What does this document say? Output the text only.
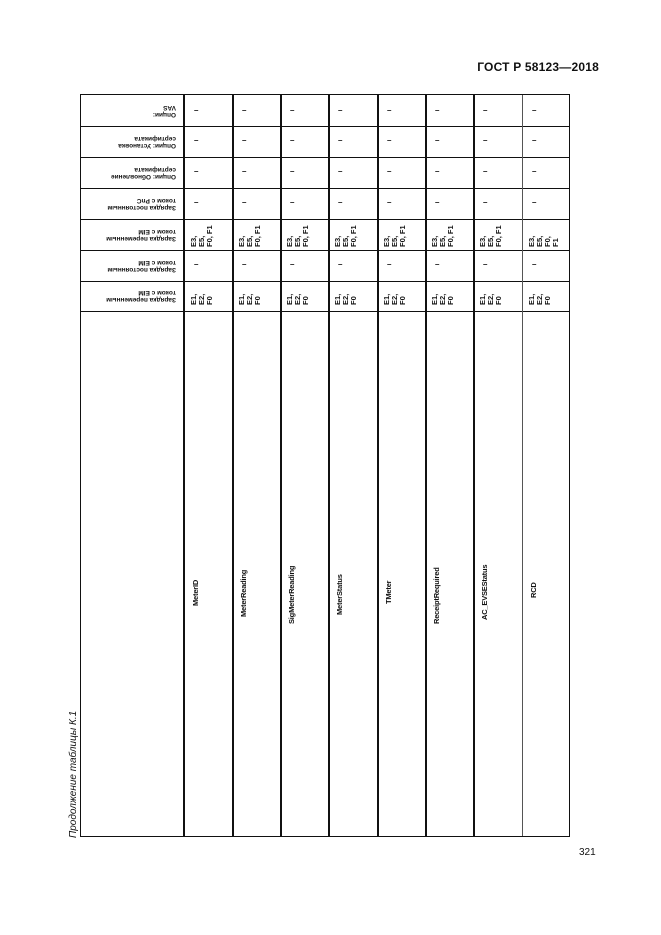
ГОСТ Р 58123—2018
Продолжение таблицы К.1
Опции:
VAS
Опции: Установка
сертификата
Опции: Обновление
сертификата
Зарядка постоянным
током с PnC
Зарядка переменным
током с EIM
Зарядка постоянным
током с EIM
Зарядка переменным
током с EIM
–
–
–
–
E3,
E5,
F0, F1
–
E1,
E2,
F0
MeterID
–
–
–
–
E3,
E5,
F0, F1
–
E1,
E2,
F0
MeterReading
–
–
–
–
E3,
E5,
F0, F1
–
E1,
E2,
F0
SigMeterReading
–
–
–
–
E3,
E5,
F0, F1
–
E1,
E2,
F0
MeterStatus
–
–
–
–
E3,
E5,
F0, F1
–
E1,
E2,
F0
TMeter
–
–
–
–
E3,
E5,
F0, F1
–
E1,
E2,
F0
ReceiptRequired
–
–
–
–
E3,
E5,
F0, F1
–
E1,
E2,
F0
AC_EVSEStatus
–
–
–
–
E3,
E5,
F0,
F1
–
E1,
E2,
F0
RCD
321
